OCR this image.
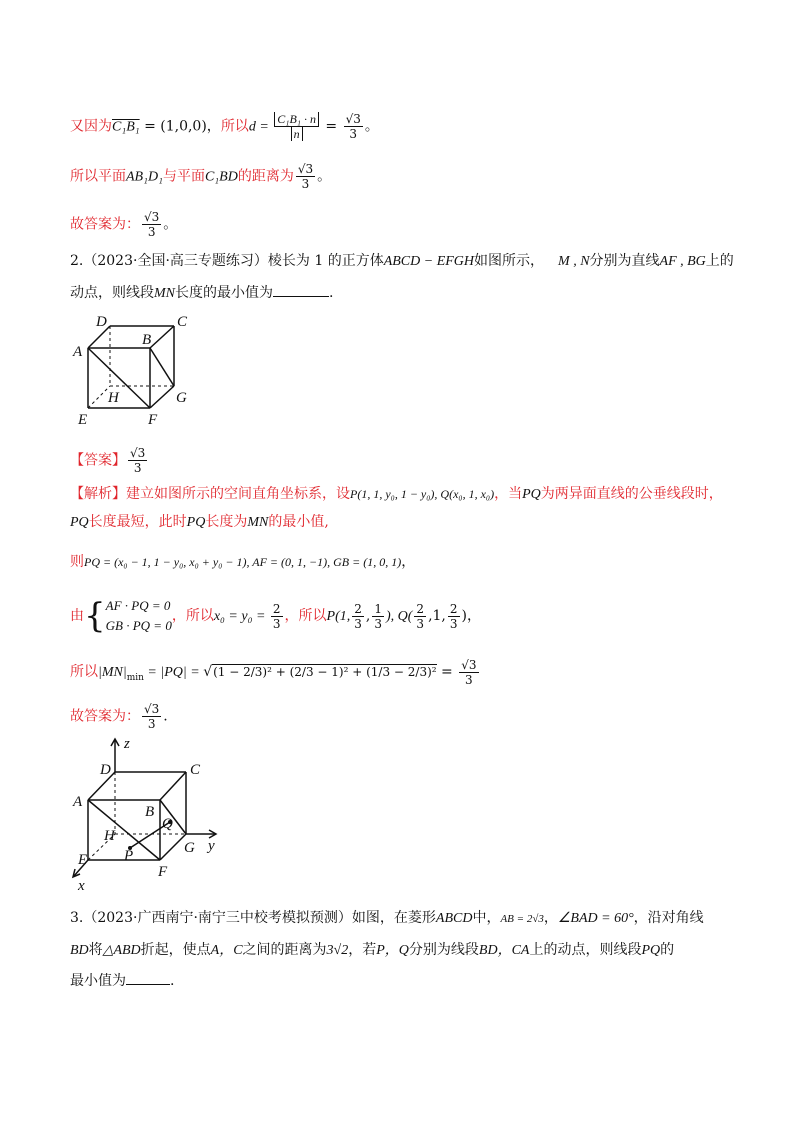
又因为C₁B₁ = (1,0,0)，所以$d = \frac{\text{C₁B₁ · n}}{n} = \frac{√3}{3}$ 。
所以平面AB₁D₁与平面C₁BD的距离为 $\frac{√3}{3}$ 。
故答案为： $\frac{√3}{3}$ 。
2.（2023·全国·高三专题练习）棱长为 1 的正方体ABCD − EFGH如图所示， M , N分别为直线AF , BG上的
动点，则线段MN长度的最小值为	.
D	C
A
B
H	G
E	F
【答案】 $\frac{√3}{3}$
【解析】建立如图所示的空间直角坐标系，设P(1, 1, y₀, 1 − y₀), Q(x₀, 1, x₀)，当PQ为两异面直线的公垂线段时，
PQ长度最短，此时PQ长度为MN的最小值,
则PQ = (x₀ − 1, 1 − y₀, x₀ + y₀ − 1), AF = (0, 1, −1), GB = (1, 0, 1)，
由{ AF · PQ = 0
GB · PQ = 0
，所以$x_0 = y_0 = \frac{2}{3}$ ，所以P(1, $\frac{2}{3}$ , $\frac{1}{3}$ ), $Q( \frac{2}{3} ,1$, $\frac{2}{3}$ )，
所以$|MN|_{min} = |PQ| = √(1 - 2/3)^2 + (2/3 - 1)^2 + (1/3 - 2/3)^2 = \frac{√3}{3}$
故答案为： $\frac{√3}{3}$ .
z
D	C
A
B
Q
H
P	G y
E
F
x
3.（2023·广西南宁·南宁三中校考模拟预测）如图，在菱形ABCD中，AB = 2√3，∠BAD = 60°，沿对角线
BD将△ABD折起，使点A，C之间的距离为3√2，若P，Q分别为线段BD，CA上的动点，则线段PQ的
最小值为	.
